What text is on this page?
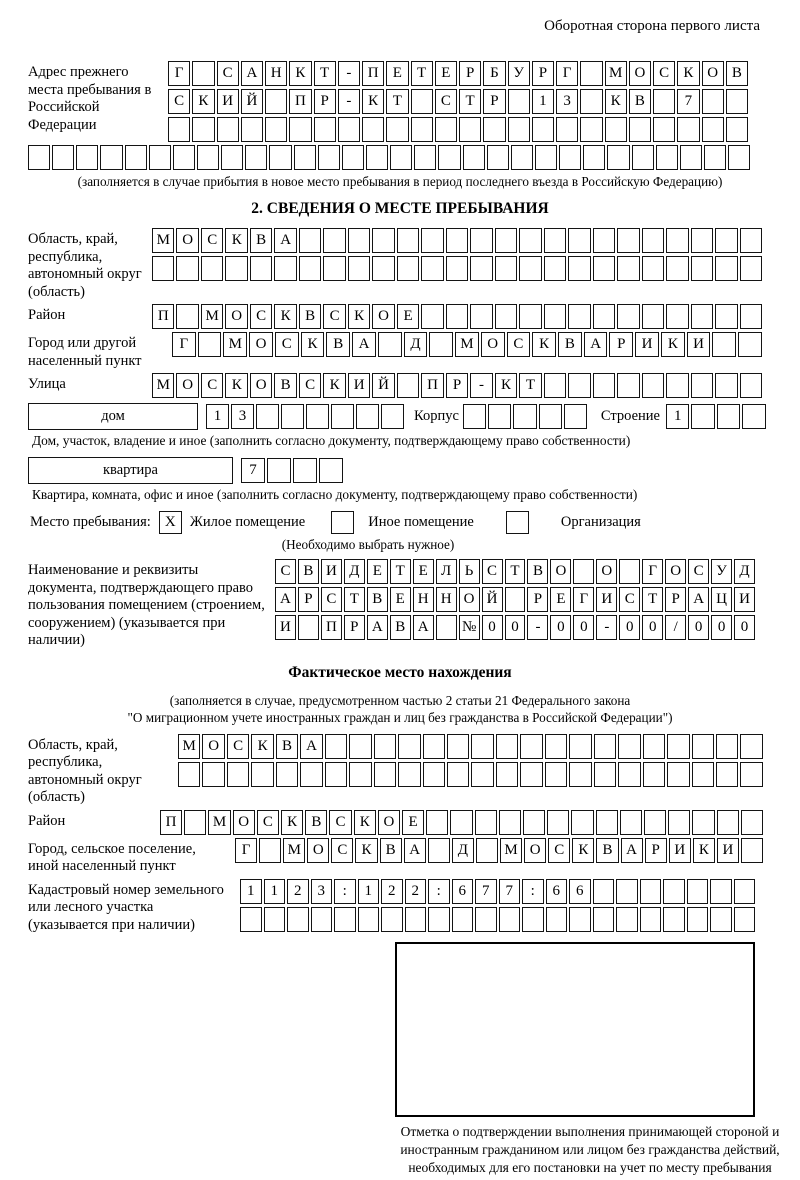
Оборотная сторона первого листа
Адрес прежнего места пребывания в Российской Федерации
Г	С А Н К Т	-	П Е	Т	Е	Р	Б У Р	Г	М О С К О В
С К И Й	П Р	-	К Т	С Т	Р	1	3	К В	7
(заполняется в случае прибытия в новое место пребывания в период последнего въезда в Российскую Федерацию)
2. СВЕДЕНИЯ О МЕСТЕ ПРЕБЫВАНИЯ
Область, край, республика, автономный округ (область)
М О С К В А
Район	П	М О С К В С К О Е
Город или другой населенный пункт
Г	М О	С	К	В	А	Д	М О	С	К	В	А	Р	И	К	И
Улица	М О С К О В С К И Й	П Р	-	К Т
дом	1	3	Корпус	Строение 1
Дом, участок, владение и иное (заполнить согласно документу, подтверждающему право собственности)
квартира	7
Квартира, комната, офис и иное (заполнить согласно документу, подтверждающему право собственности)
Место пребывания: X Жилое помещение	Иное помещение	Организация
(Необходимо выбрать нужное)
Наименование и реквизиты документа, подтверждающего право пользования помещением (строением, сооружением) (указывается при наличии)
С В И Д Е Т Е Л Ь С Т В О	О	Г О С У Д
А Р С Т В Е Н Н О Й	Р Е Г И С Т Р А Ц И
И	П Р А В А	№ 0	0	-	0	0	-	0	0	/	0	0	0
Фактическое место нахождения
(заполняется в случае, предусмотренном частью 2 статьи 21 Федерального закона
"О миграционном учете иностранных граждан и лиц без гражданства в Российской Федерации")
Область, край, республика, автономный округ (область)
М О С К В А
Район	П	М О С К В С К О Е
Город, сельское поселение, иной населенный пункт
Г	М О С К В А	Д	М О С К В А Р И К И
Кадастровый номер земельного или лесного участка (указывается при наличии)
1	1	2	3	:	1	2	2	:	6	7	7	:	6	6
Отметка о подтверждении выполнения принимающей стороной и иностранным гражданином или лицом без гражданства действий, необходимых для его постановки на учет по месту пребывания
